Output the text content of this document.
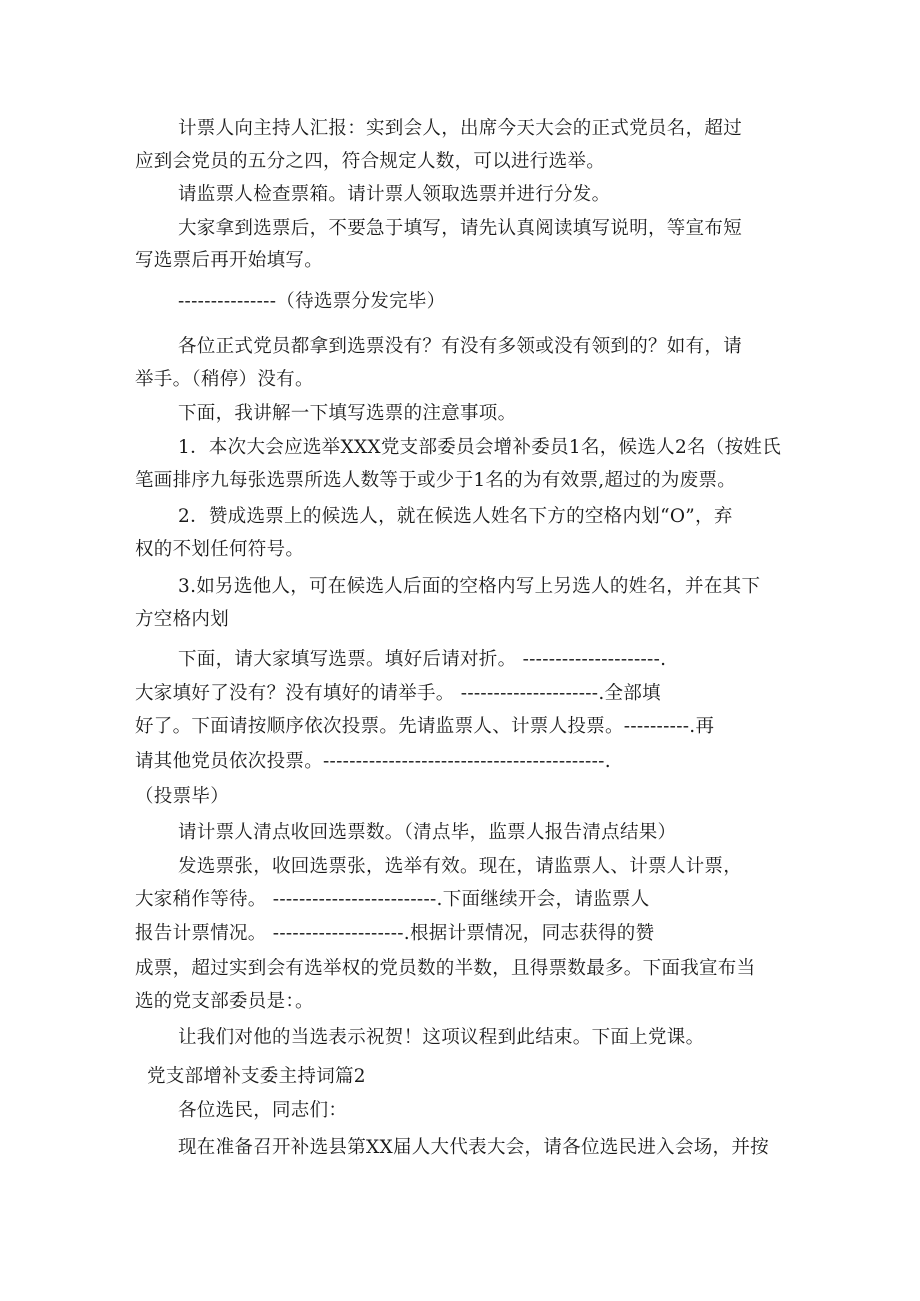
计票人向主持人汇报：实到会人，出席今天大会的正式党员名，超过
应到会党员的五分之四，符合规定人数，可以进行选举。
请监票人检查票箱。请计票人领取选票并进行分发。
大家拿到选票后，不要急于填写，请先认真阅读填写说明，等宣布短
写选票后再开始填写。
---------------（待选票分发完毕）
各位正式党员都拿到选票没有？有没有多领或没有领到的？如有，请
举手。（稍停）没有。
下面，我讲解一下填写选票的注意事项。
1．本次大会应选举XXX党支部委员会增补委员1名，候选人2名（按姓氏
笔画排序九每张选票所选人数等于或少于1名的为有效票,超过的为废票。
2．赞成选票上的候选人，就在候选人姓名下方的空格内划“O”，弃
权的不划任何符号。
3.如另选他人，可在候选人后面的空格内写上另选人的姓名，并在其下
方空格内划
下面，请大家填写选票。填好后请对折。 ---------------------.
大家填好了没有？没有填好的请举手。 ---------------------.全部填
好了。下面请按顺序依次投票。先请监票人、计票人投票。----------.再
请其他党员依次投票。-------------------------------------------.
（投票毕）
请计票人清点收回选票数。（清点毕，监票人报告清点结果）
发选票张，收回选票张，选举有效。现在，请监票人、计票人计票，
大家稍作等待。 -------------------------.下面继续开会，请监票人
报告计票情况。 --------------------.根据计票情况，同志获得的赞
成票，超过实到会有选举权的党员数的半数，且得票数最多。下面我宣布当
选的党支部委员是：。
让我们对他的当选表示祝贺！这项议程到此结束。下面上党课。
党支部增补支委主持词篇2
各位选民，同志们：
现在准备召开补选县第XX届人大代表大会，请各位选民进入会场，并按
